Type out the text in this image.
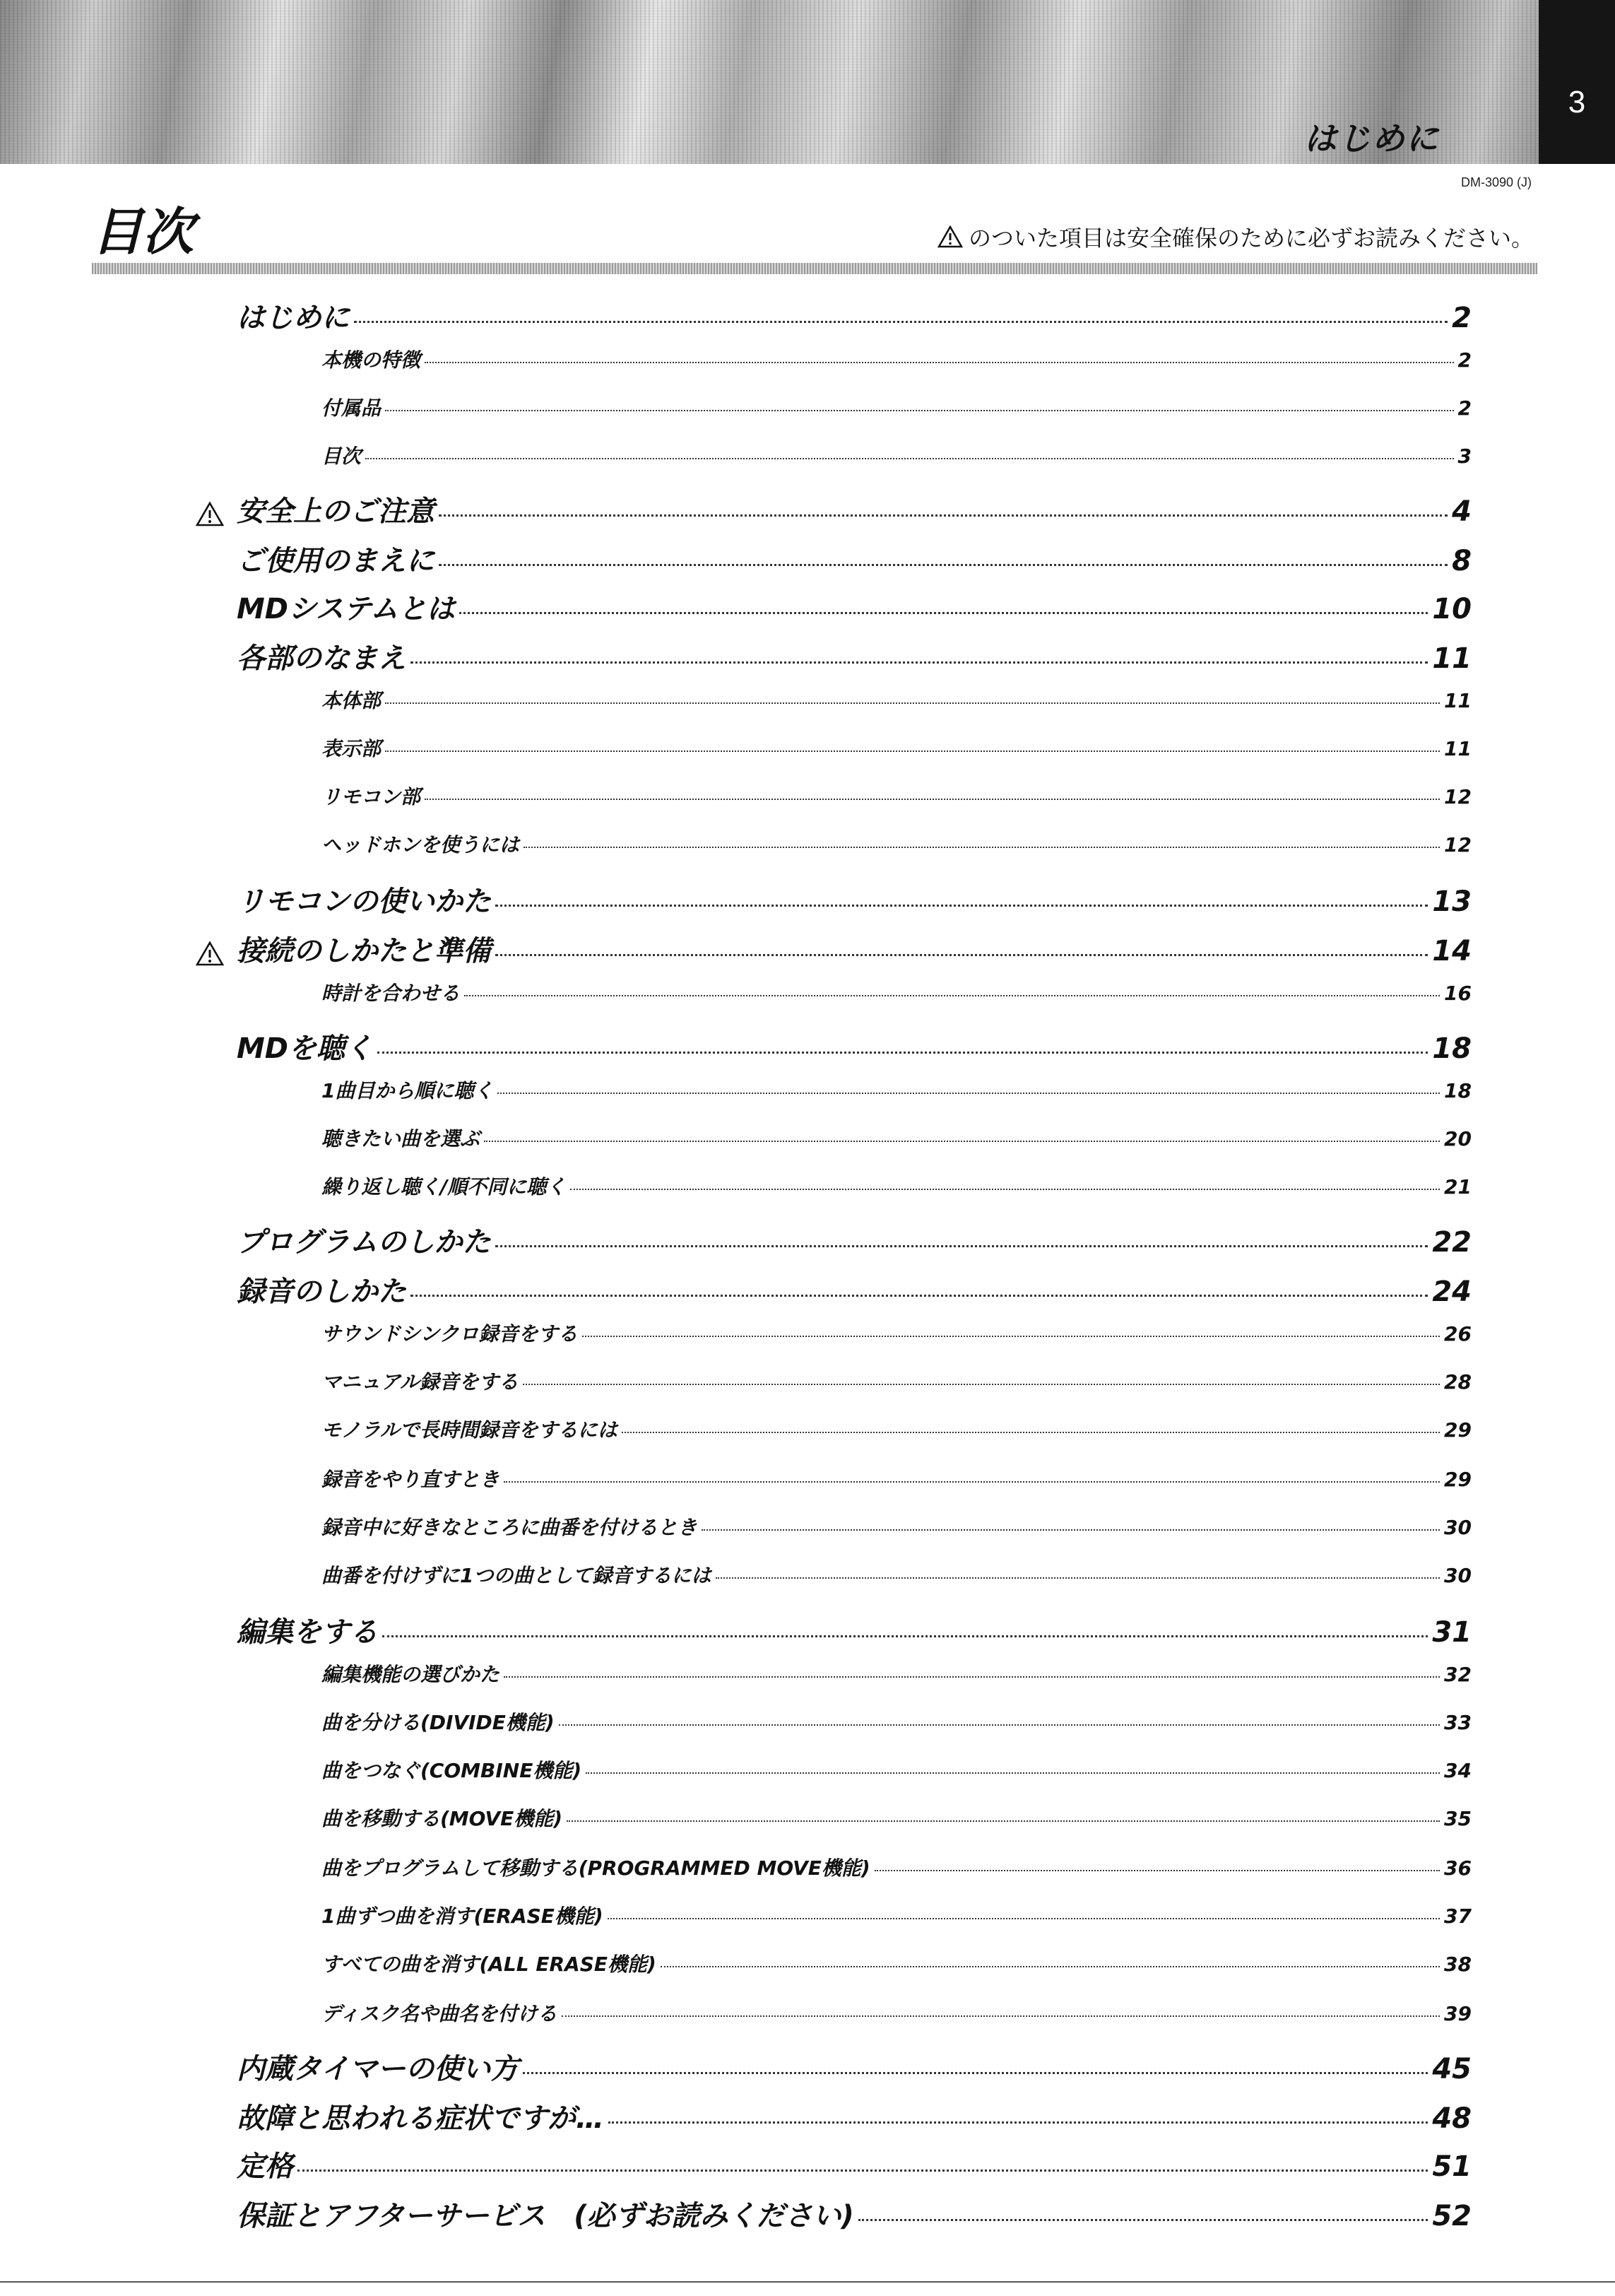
はじめに
3
DM-3090 (J)
目次	のついた項目は安全確保のために必ずお読みください。
はじめに	2
本機の特徴	2
付属品	2
目次	3
安全上のご注意	4
ご使用のまえに	8
MDシステムとは	10
各部のなまえ	11
本体部	11
表示部	11
リモコン部	12
ヘッドホンを使うには	12
リモコンの使いかた	13
接続のしかたと準備	14
時計を合わせる	16
MDを聴く	18
1曲目から順に聴く	18
聴きたい曲を選ぶ	20
繰り返し聴く/順不同に聴く	21
プログラムのしかた	22
録音のしかた	24
サウンドシンクロ録音をする	26
マニュアル録音をする	28
モノラルで長時間録音をするには	29
録音をやり直すとき	29
録音中に好きなところに曲番を付けるとき	30
曲番を付けずに1つの曲として録音するには	30
編集をする	31
編集機能の選びかた	32
曲を分ける(DIVIDE機能)	33
曲をつなぐ(COMBINE機能)	34
曲を移動する(MOVE機能)	35
曲をプログラムして移動する(PROGRAMMED MOVE機能)	36
1曲ずつ曲を消す(ERASE機能)	37
すべての曲を消す(ALL ERASE機能)	38
ディスク名や曲名を付ける	39
内蔵タイマーの使い方	45
故障と思われる症状ですが…	48
定格	51
保証とアフターサービス　(必ずお読みください)	52
